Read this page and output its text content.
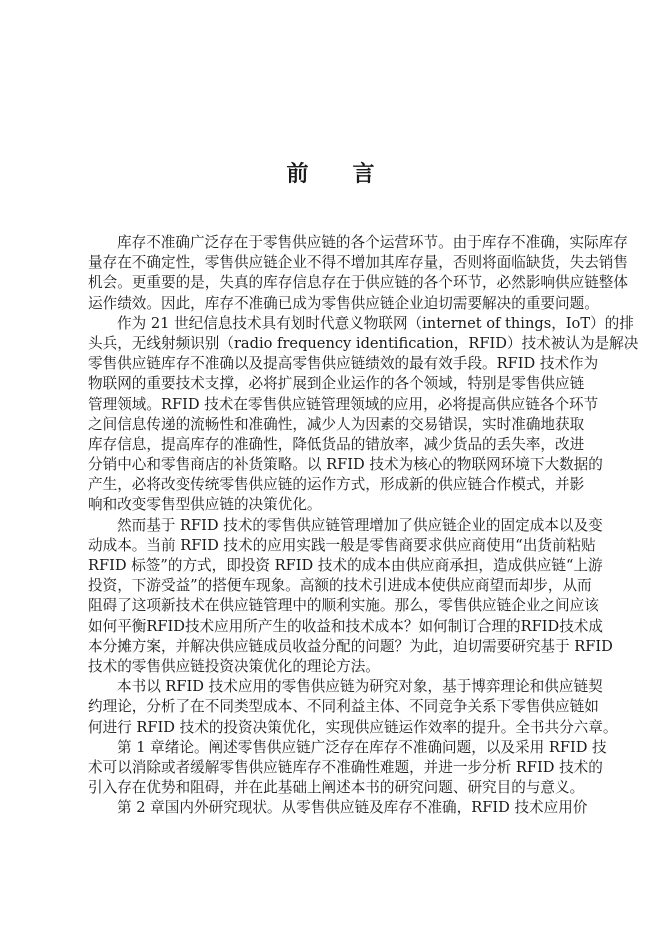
前 言
库存不准确广泛存在于零售供应链的各个运营环节。由于库存不准确，实际库存
量存在不确定性，零售供应链企业不得不增加其库存量，否则将面临缺货，失去销售
机会。更重要的是，失真的库存信息存在于供应链的各个环节，必然影响供应链整体
运作绩效。因此，库存不准确已成为零售供应链企业迫切需要解决的重要问题。
作为 21 世纪信息技术具有划时代意义物联网（internet of things，IoT）的排
头兵，无线射频识别（radio frequency identification，RFID）技术被认为是解决
零售供应链库存不准确以及提高零售供应链绩效的最有效手段。RFID 技术作为
物联网的重要技术支撑，必将扩展到企业运作的各个领域，特别是零售供应链
管理领域。RFID 技术在零售供应链管理领域的应用，必将提高供应链各个环节
之间信息传递的流畅性和准确性，减少人为因素的交易错误，实时准确地获取
库存信息，提高库存的准确性，降低货品的错放率，减少货品的丢失率，改进
分销中心和零售商店的补货策略。以 RFID 技术为核心的物联网环境下大数据的
产生，必将改变传统零售供应链的运作方式，形成新的供应链合作模式，并影
响和改变零售型供应链的决策优化。
然而基于 RFID 技术的零售供应链管理增加了供应链企业的固定成本以及变
动成本。当前 RFID 技术的应用实践一般是零售商要求供应商使用“出货前粘贴
RFID 标签”的方式，即投资 RFID 技术的成本由供应商承担，造成供应链“上游
投资，下游受益”的搭便车现象。高额的技术引进成本使供应商望而却步，从而
阻碍了这项新技术在供应链管理中的顺利实施。那么，零售供应链企业之间应该
如何平衡RFID技术应用所产生的收益和技术成本？如何制订合理的RFID技术成
本分摊方案，并解决供应链成员收益分配的问题？为此，迫切需要研究基于 RFID
技术的零售供应链投资决策优化的理论方法。
本书以 RFID 技术应用的零售供应链为研究对象，基于博弈理论和供应链契
约理论，分析了在不同类型成本、不同利益主体、不同竞争关系下零售供应链如
何进行 RFID 技术的投资决策优化，实现供应链运作效率的提升。全书共分六章。
第 1 章绪论。阐述零售供应链广泛存在库存不准确问题，以及采用 RFID 技
术可以消除或者缓解零售供应链库存不准确性难题，并进一步分析 RFID 技术的
引入存在优势和阻碍，并在此基础上阐述本书的研究问题、研究目的与意义。
第 2 章国内外研究现状。从零售供应链及库存不准确，RFID 技术应用价
